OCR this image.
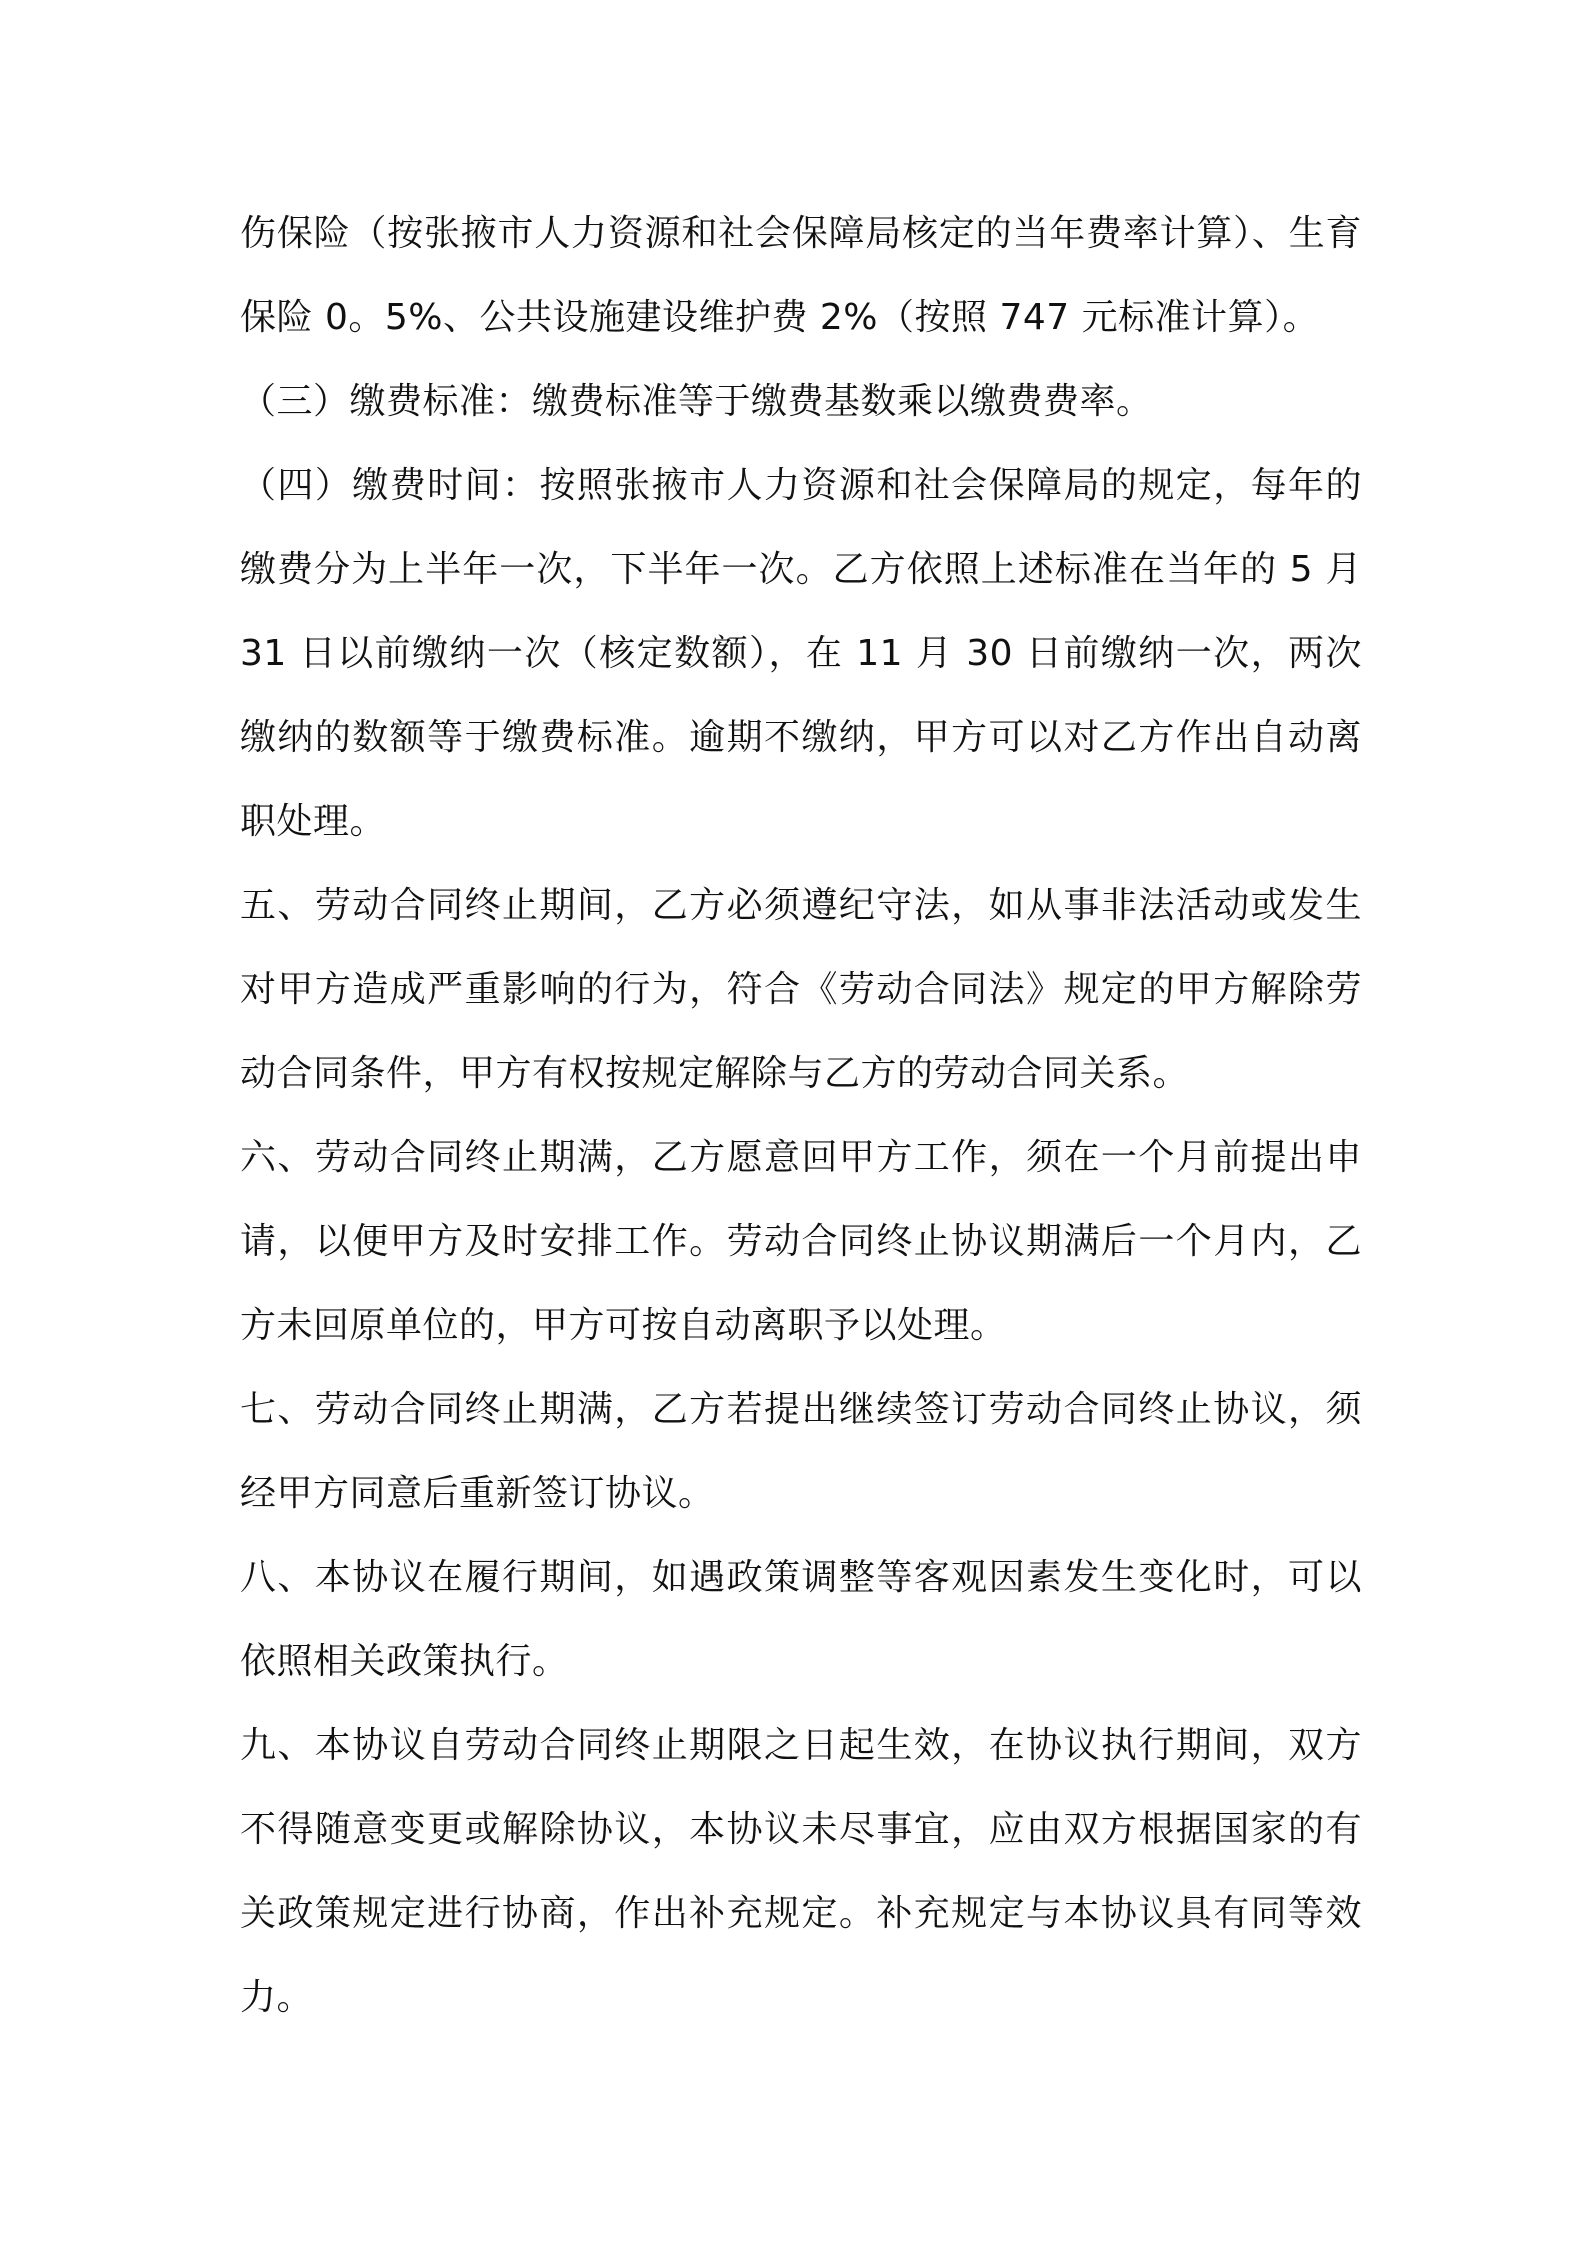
伤保险（按张掖市人力资源和社会保障局核定的当年费率计算）、生育保险 0。5%、公共设施建设维护费 2%（按照 747 元标准计算）。

（三）缴费标准：缴费标准等于缴费基数乘以缴费费率。

（四）缴费时间：按照张掖市人力资源和社会保障局的规定，每年的缴费分为上半年一次，下半年一次。乙方依照上述标准在当年的 5 月 31 日以前缴纳一次（核定数额），在 11 月 30 日前缴纳一次，两次缴纳的数额等于缴费标准。逾期不缴纳，甲方可以对乙方作出自动离职处理。

五、劳动合同终止期间，乙方必须遵纪守法，如从事非法活动或发生对甲方造成严重影响的行为，符合《劳动合同法》规定的甲方解除劳动合同条件，甲方有权按规定解除与乙方的劳动合同关系。

六、劳动合同终止期满，乙方愿意回甲方工作，须在一个月前提出申请，以便甲方及时安排工作。劳动合同终止协议期满后一个月内，乙方未回原单位的，甲方可按自动离职予以处理。

七、劳动合同终止期满，乙方若提出继续签订劳动合同终止协议，须经甲方同意后重新签订协议。

八、本协议在履行期间，如遇政策调整等客观因素发生变化时，可以依照相关政策执行。

九、本协议自劳动合同终止期限之日起生效，在协议执行期间，双方不得随意变更或解除协议，本协议未尽事宜，应由双方根据国家的有关政策规定进行协商，作出补充规定。补充规定与本协议具有同等效力。
